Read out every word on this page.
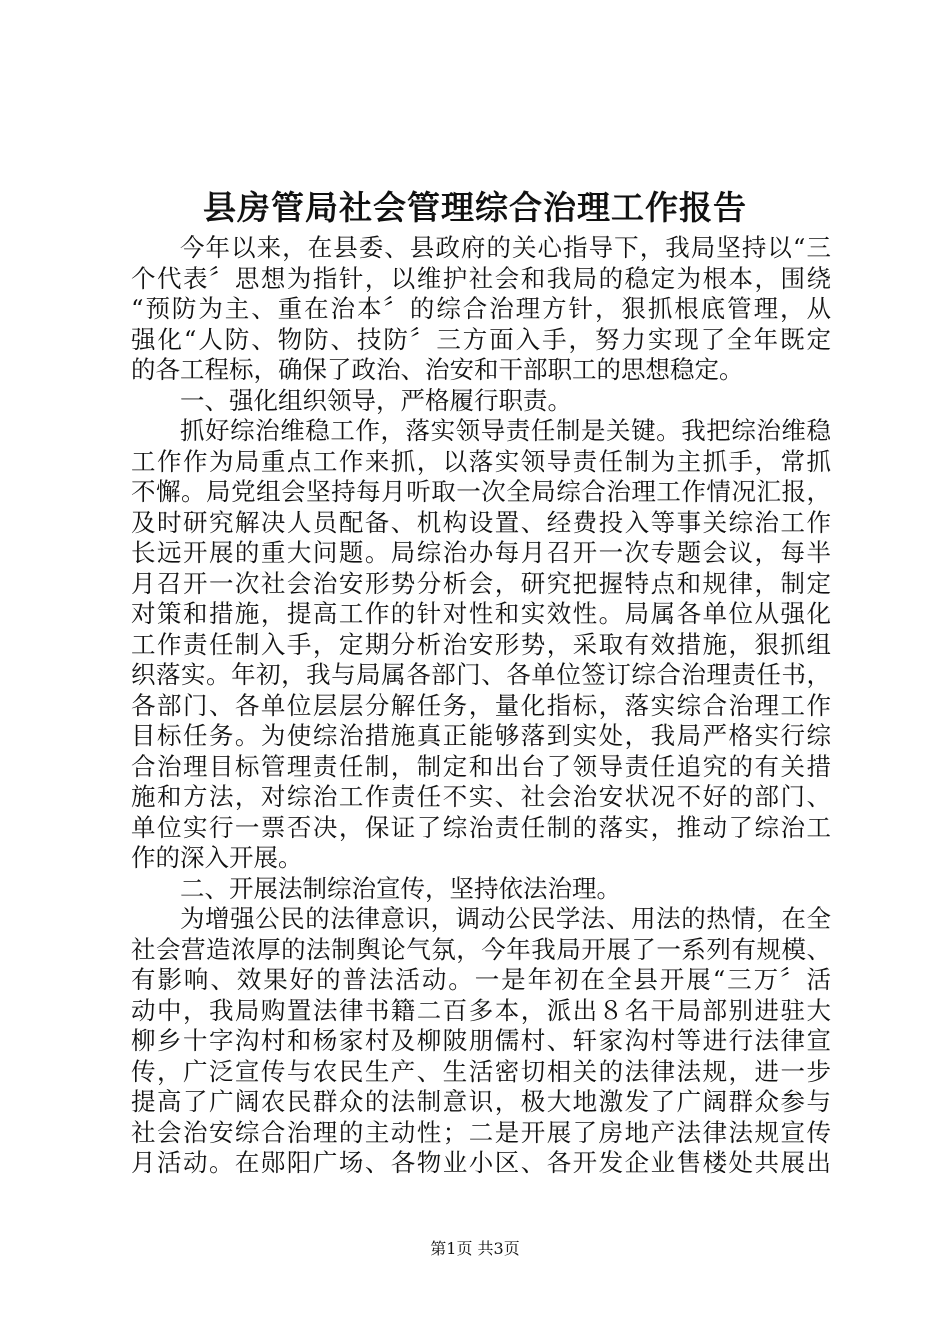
县房管局社会管理综合治理工作报告
今年以来，在县委、县政府的关心指导下，我局坚持以“三
个代表〞思想为指针，以维护社会和我局的稳定为根本，围绕
“预防为主、重在治本〞的综合治理方针，狠抓根底管理，从
强化“人防、物防、技防〞三方面入手，努力实现了全年既定
的各工程标，确保了政治、治安和干部职工的思想稳定。
一、强化组织领导，严格履行职责。
抓好综治维稳工作，落实领导责任制是关键。我把综治维稳
工作作为局重点工作来抓，以落实领导责任制为主抓手，常抓
不懈。局党组会坚持每月听取一次全局综合治理工作情况汇报，
及时研究解决人员配备、机构设置、经费投入等事关综治工作
长远开展的重大问题。局综治办每月召开一次专题会议，每半
月召开一次社会治安形势分析会，研究把握特点和规律，制定
对策和措施，提高工作的针对性和实效性。局属各单位从强化
工作责任制入手，定期分析治安形势，采取有效措施，狠抓组
织落实。年初，我与局属各部门、各单位签订综合治理责任书，
各部门、各单位层层分解任务，量化指标，落实综合治理工作
目标任务。为使综治措施真正能够落到实处，我局严格实行综
合治理目标管理责任制，制定和出台了领导责任追究的有关措
施和方法，对综治工作责任不实、社会治安状况不好的部门、
单位实行一票否决，保证了综治责任制的落实，推动了综治工
作的深入开展。
二、开展法制综治宣传，坚持依法治理。
为增强公民的法律意识，调动公民学法、用法的热情，在全
社会营造浓厚的法制舆论气氛，今年我局开展了一系列有规模、
有影响、效果好的普法活动。一是年初在全县开展“三万〞活
动中，我局购置法律书籍二百多本，派出８名干局部别进驻大
柳乡十字沟村和杨家村及柳陂朋儒村、轩家沟村等进行法律宣
传，广泛宣传与农民生产、生活密切相关的法律法规，进一步
提高了广阔农民群众的法制意识，极大地激发了广阔群众参与
社会治安综合治理的主动性；二是开展了房地产法律法规宣传
月活动。在郧阳广场、各物业小区、各开发企业售楼处共展出
第1页 共3页
